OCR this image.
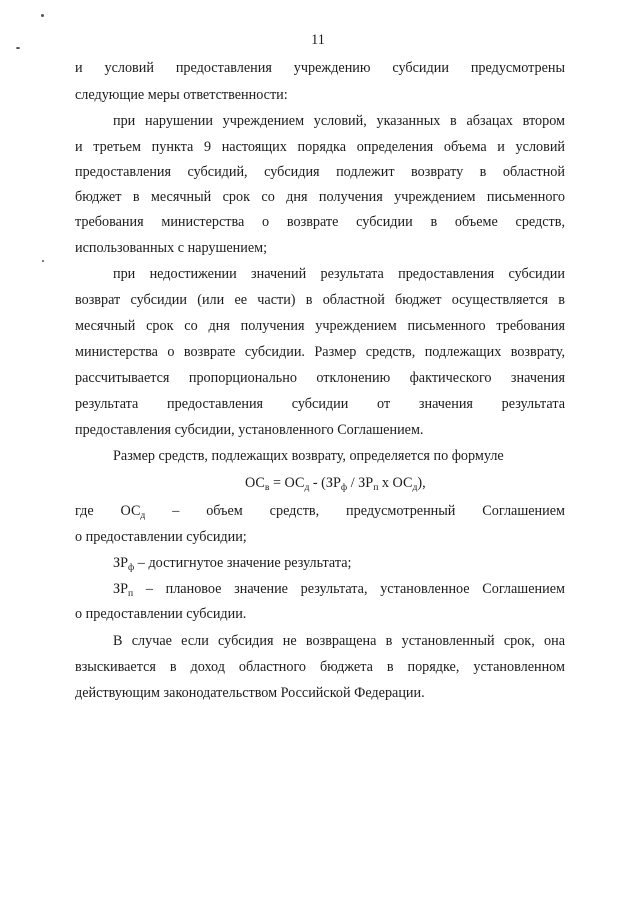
11
и условий предоставления учреждению субсидии предусмотрены
следующие меры ответственности:
при нарушении учреждением условий, указанных в абзацах втором
и третьем пункта 9 настоящих порядка определения объема и условий
предоставления субсидий, субсидия подлежит возврату в областной
бюджет в месячный срок со дня получения учреждением письменного
требования министерства о возврате субсидии в объеме средств,
использованных с нарушением;
при недостижении значений результата предоставления субсидии
возврат субсидии (или ее части) в областной бюджет осуществляется в
месячный срок со дня получения учреждением письменного требования
министерства о возврате субсидии. Размер средств, подлежащих возврату,
рассчитывается пропорционально отклонению фактического значения
результата предоставления субсидии от значения результата
предоставления субсидии, установленного Соглашением.
Размер средств, подлежащих возврату, определяется по формуле
$ОС_в = ОС_д - (ЗР_ф / ЗР_п$ х $ОС_д$),
где $ОС_д$ – объем средств, предусмотренный Соглашением
о предоставлении субсидии;
$ЗР_ф$ – достигнутое значение результата;
$ЗР_п$ – плановое значение результата, установленное Соглашением
о предоставлении субсидии.
В случае если субсидия не возвращена в установленный срок, она
взыскивается в доход областного бюджета в порядке, установленном
действующим законодательством Российской Федерации.
